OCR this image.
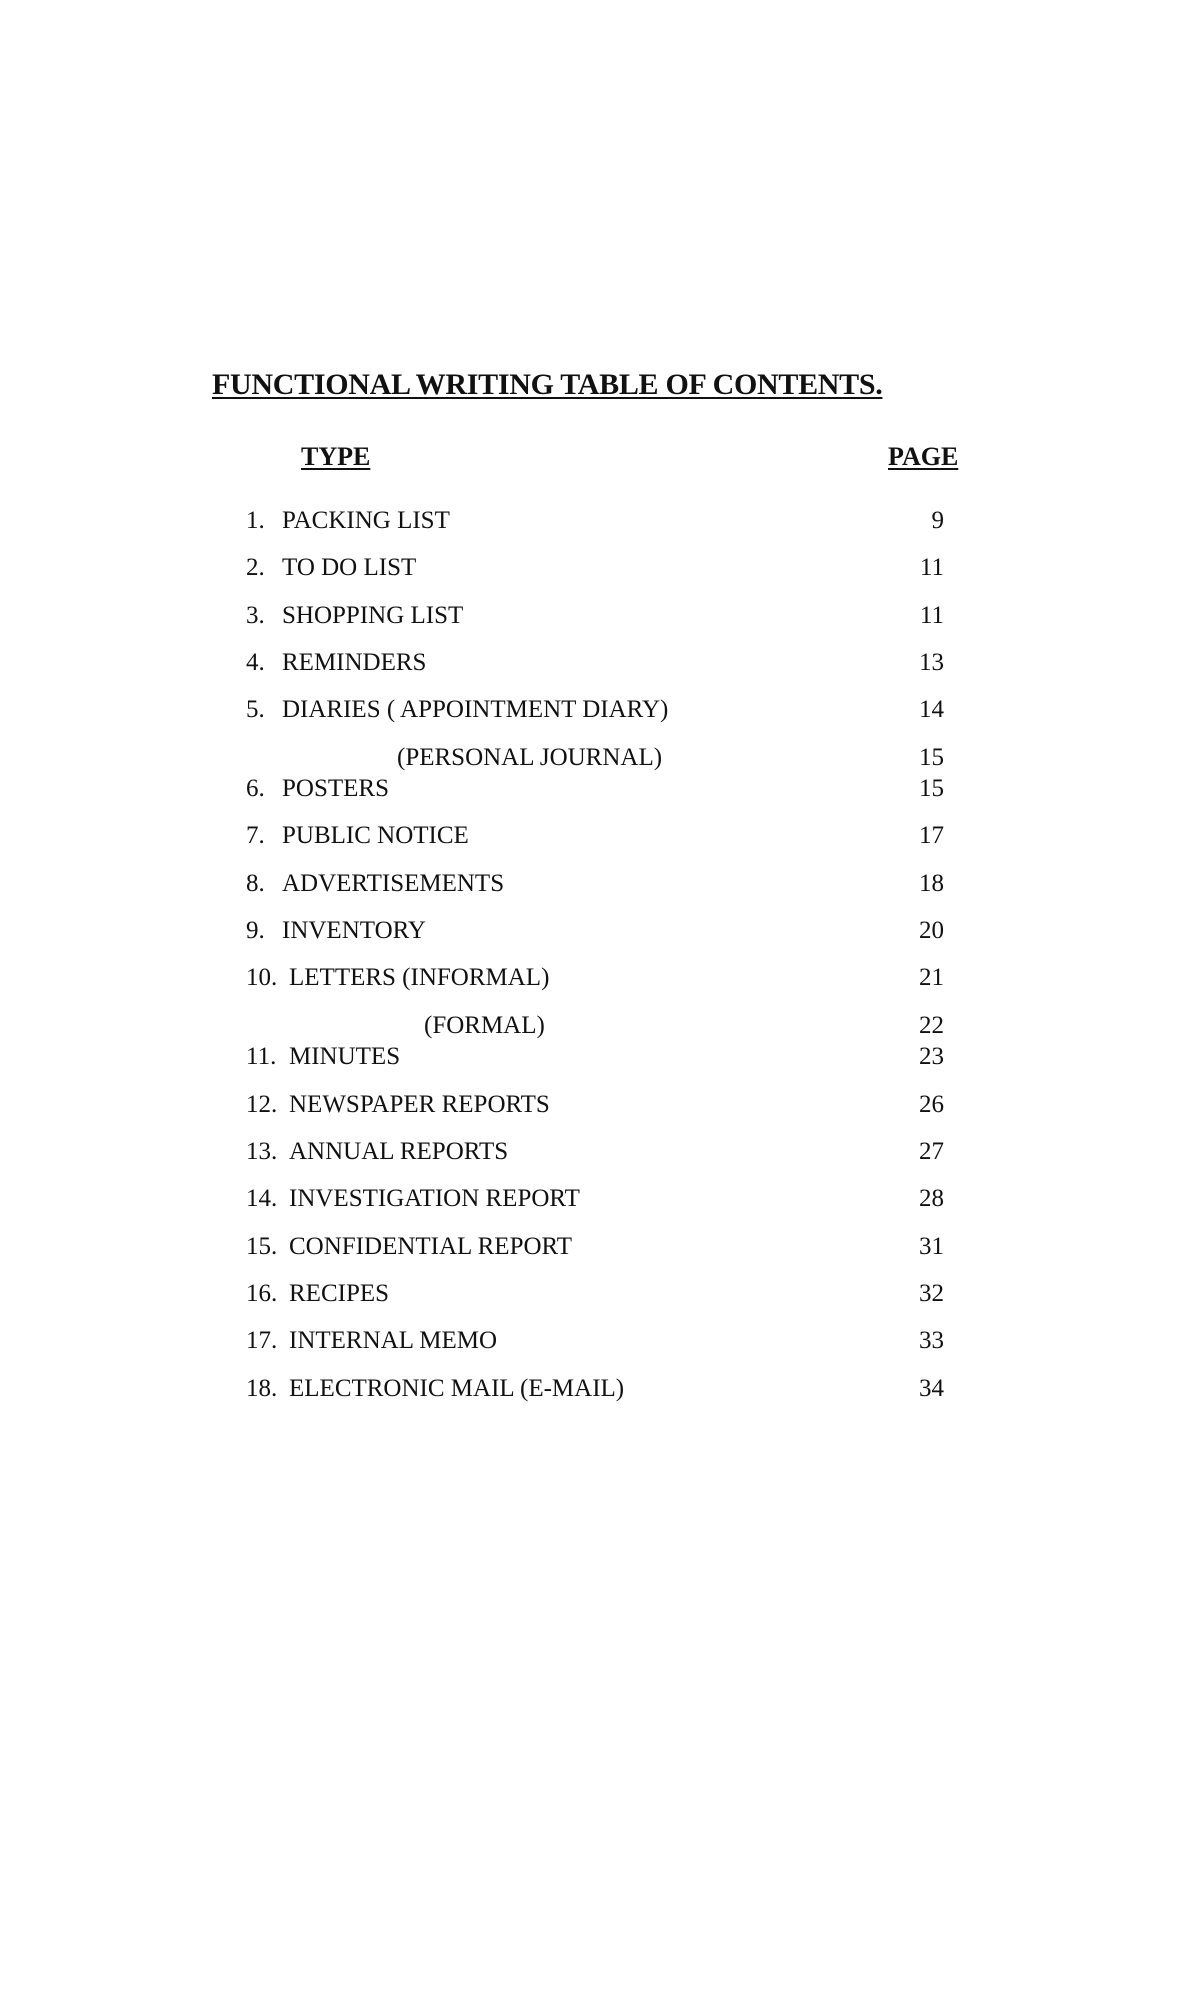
FUNCTIONAL WRITING TABLE OF CONTENTS.
TYPE	PAGE
1. PACKING LIST	9
2. TO DO LIST	11
3. SHOPPING LIST	11
4. REMINDERS	13
5. DIARIES ( APPOINTMENT DIARY)	14
(PERSONAL JOURNAL)	15
6. POSTERS	15
7. PUBLIC NOTICE	17
8. ADVERTISEMENTS	18
9. INVENTORY	20
10. LETTERS (INFORMAL)	21
(FORMAL)	22
11. MINUTES	23
12. NEWSPAPER REPORTS	26
13. ANNUAL REPORTS	27
14. INVESTIGATION REPORT	28
15. CONFIDENTIAL REPORT	31
16. RECIPES	32
17. INTERNAL MEMO	33
18. ELECTRONIC MAIL (E-MAIL)	34
